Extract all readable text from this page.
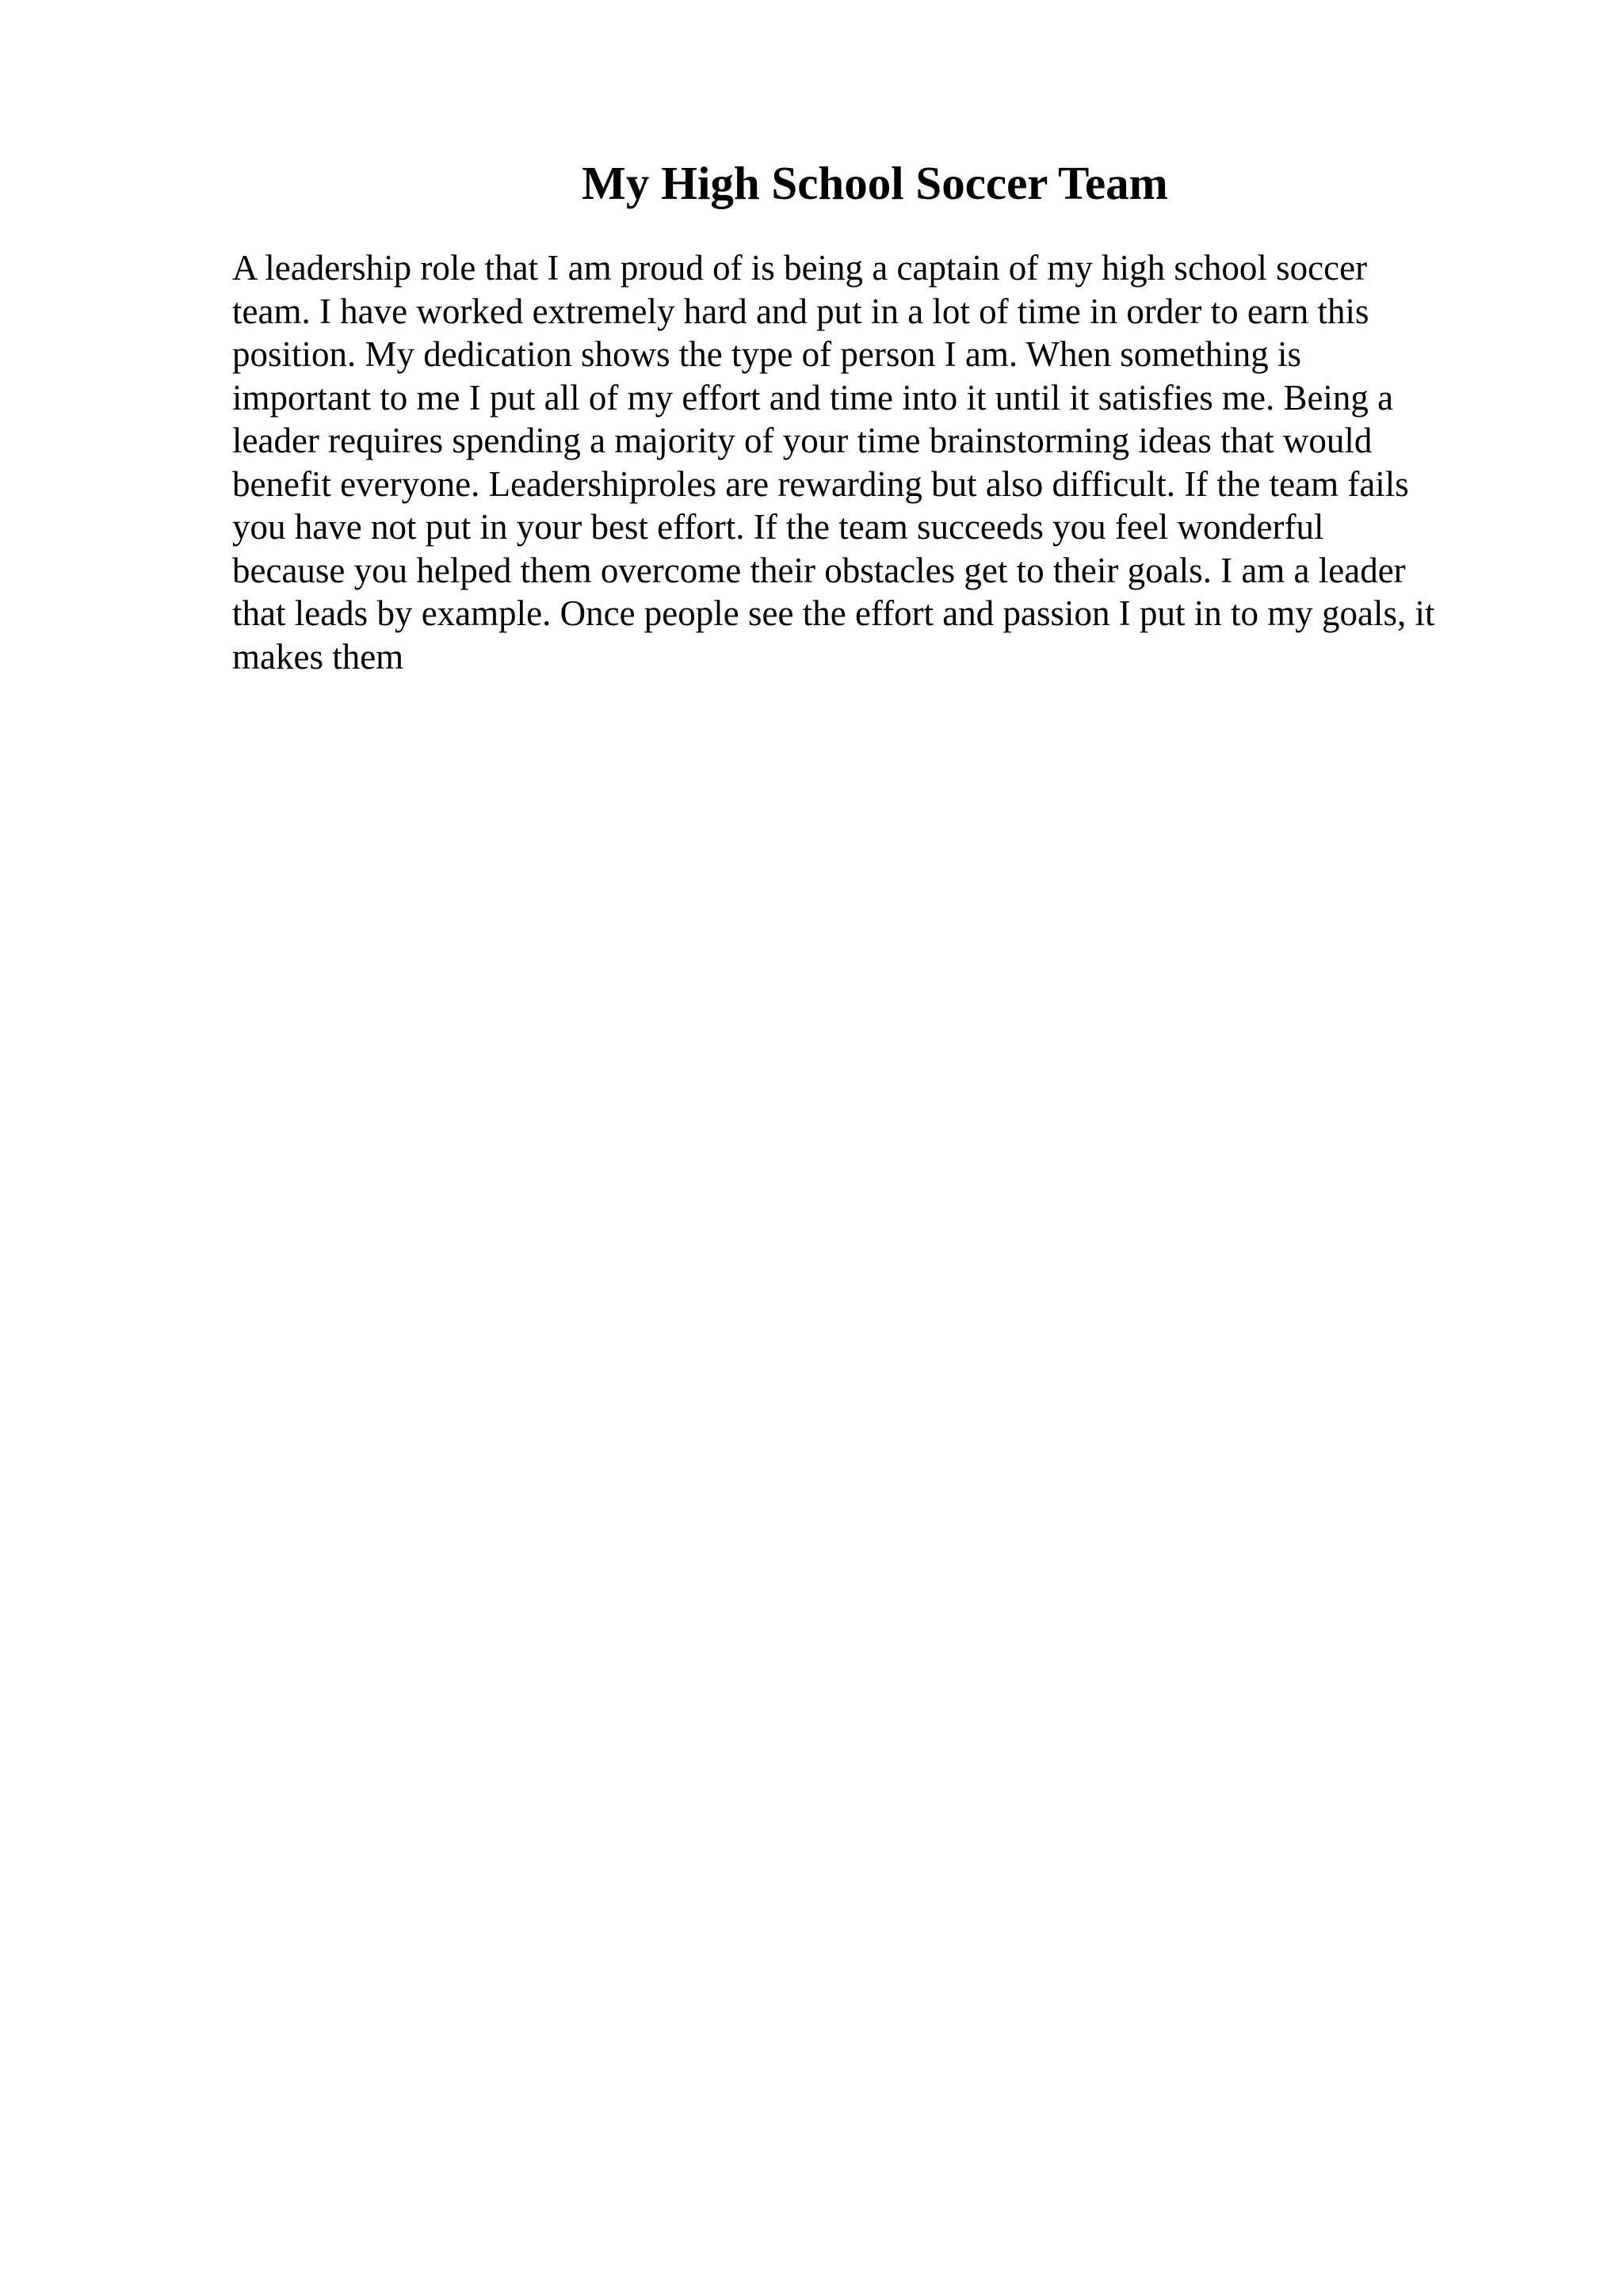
My High School Soccer Team
A leadership role that I am proud of is being a captain of my high school soccer
team. I have worked extremely hard and put in a lot of time in order to earn this
position. My dedication shows the type of person I am. When something is
important to me I put all of my effort and time into it until it satisfies me. Being a
leader requires spending a majority of your time brainstorming ideas that would
benefit everyone. Leadershiproles are rewarding but also difficult. If the team fails
you have not put in your best effort. If the team succeeds you feel wonderful
because you helped them overcome their obstacles get to their goals. I am a leader
that leads by example. Once people see the effort and passion I put in to my goals, it
makes them
